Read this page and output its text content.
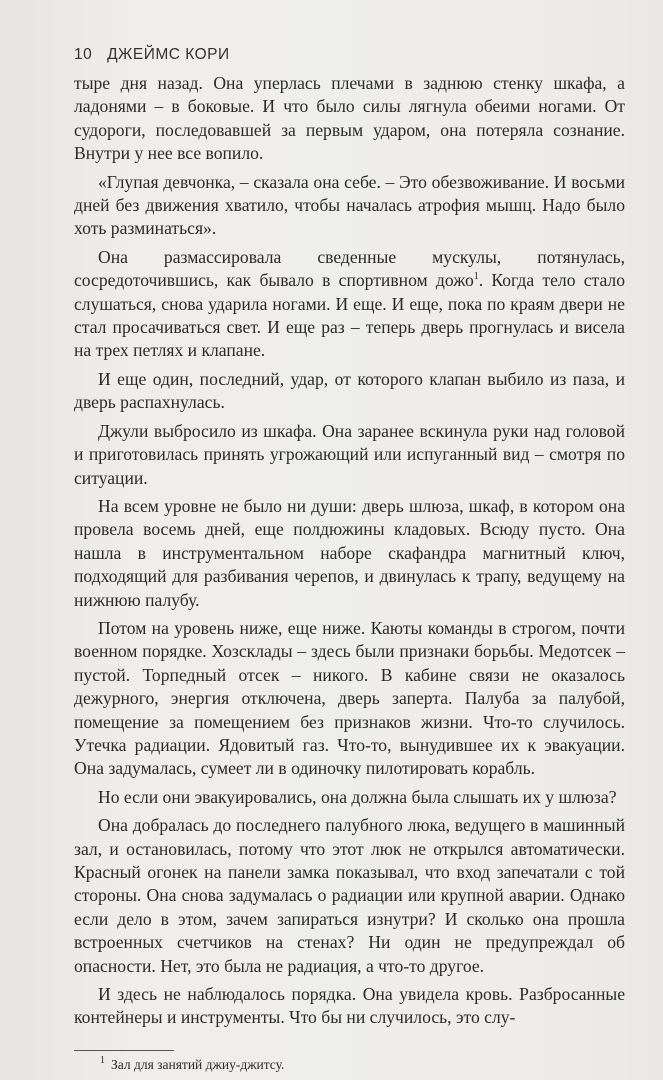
10 ДЖЕЙМС КОРИ

тыре дня назад. Она уперлась плечами в заднюю стенку шкафа, а ладонями – в боковые. И что было силы лягнула обеими ногами. От судороги, последовавшей за первым ударом, она потеряла сознание. Внутри у нее все вопило.

«Глупая девчонка, – сказала она себе. – Это обезвоживание. И восьми дней без движения хватило, чтобы началась атрофия мышц. Надо было хоть разминаться».

Она размассировала сведенные мускулы, потянулась, сосредоточившись, как бывало в спортивном дожо$^1$. Когда тело стало слушаться, снова ударила ногами. И еще. И еще, пока по краям двери не стал просачиваться свет. И еще раз – теперь дверь прогнулась и висела на трех петлях и клапане.

И еще один, последний, удар, от которого клапан выбило из паза, и дверь распахнулась.

Джули выбросило из шкафа. Она заранее вскинула руки над головой и приготовилась принять угрожающий или испуганный вид – смотря по ситуации.

На всем уровне не было ни души: дверь шлюза, шкаф, в котором она провела восемь дней, еще полдюжины кладовых. Всюду пусто. Она нашла в инструментальном наборе скафандра магнитный ключ, подходящий для разбивания черепов, и двинулась к трапу, ведущему на нижнюю палубу.

Потом на уровень ниже, еще ниже. Каюты команды в строгом, почти военном порядке. Хозсклады – здесь были признаки борьбы. Медотсек – пустой. Торпедный отсек – никого. В кабине связи не оказалось дежурного, энергия отключена, дверь заперта. Палуба за палубой, помещение за помещением без признаков жизни. Что-то случилось. Утечка радиации. Ядовитый газ. Что-то, вынудившее их к эвакуации. Она задумалась, сумеет ли в одиночку пилотировать корабль.

Но если они эвакуировались, она должна была слышать их у шлюза?

Она добралась до последнего палубного люка, ведущего в машинный зал, и остановилась, потому что этот люк не открылся автоматически. Красный огонек на панели замка показывал, что вход запечатали с той стороны. Она снова задумалась о радиации или крупной аварии. Однако если дело в этом, зачем запираться изнутри? И сколько она прошла встроенных счетчиков на стенах? Ни один не предупреждал об опасности. Нет, это была не радиация, а что-то другое.

И здесь не наблюдалось порядка. Она увидела кровь. Разбросанные контейнеры и инструменты. Что бы ни случилось, это слу-

$^1$ Зал для занятий джиу-джитсу.
